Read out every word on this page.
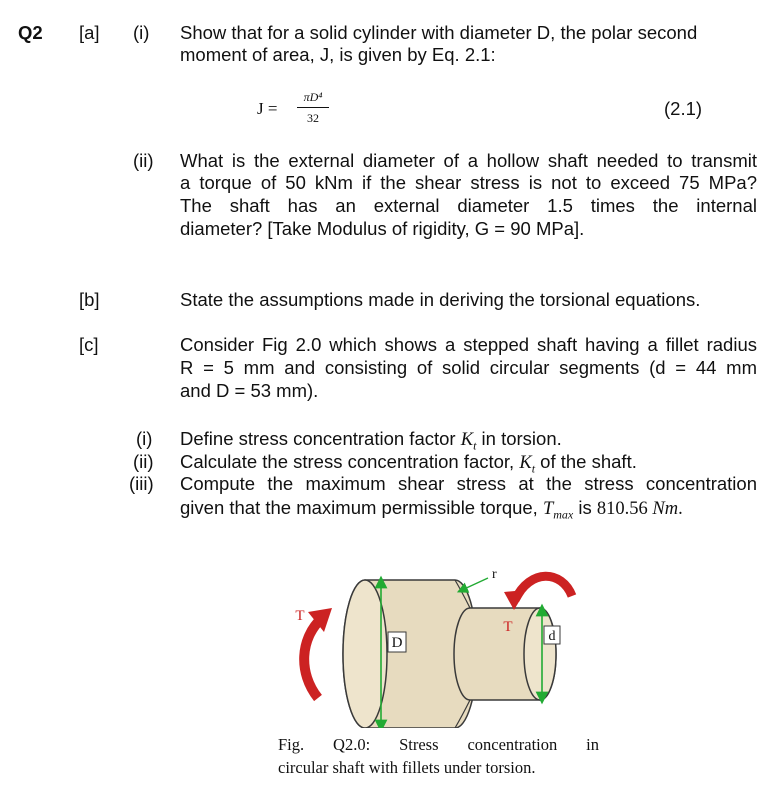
Q2 [a] (i) Show that for a solid cylinder with diameter D, the polar second
moment of area, J, is given by Eq. 2.1:
J =
πD⁴
32	(2.1)
(ii) What is the external diameter of a hollow shaft needed to transmit
a torque of 50 kNm if the shear stress is not to exceed 75 MPa?
The shaft has an external diameter 1.5 times the internal
diameter? [Take Modulus of rigidity, G = 90 MPa].
[b]	State the assumptions made in deriving the torsional equations.
[c]	Consider Fig 2.0 which shows a stepped shaft having a fillet radius
R = 5 mm and consisting of solid circular segments (d = 44 mm
and D = 53 mm).
(i) Define stress concentration factor $K_t$ in torsion.
(ii) Calculate the stress concentration factor, $K_t$ of the shaft.
(iii) Compute the maximum shear stress at the stress concentration
given that the maximum permissible torque, $T_{max}$ is 810.56 Nm.
D	d
r
T
T
Fig. Q2.0: Stress concentration in
circular shaft with fillets under torsion.
